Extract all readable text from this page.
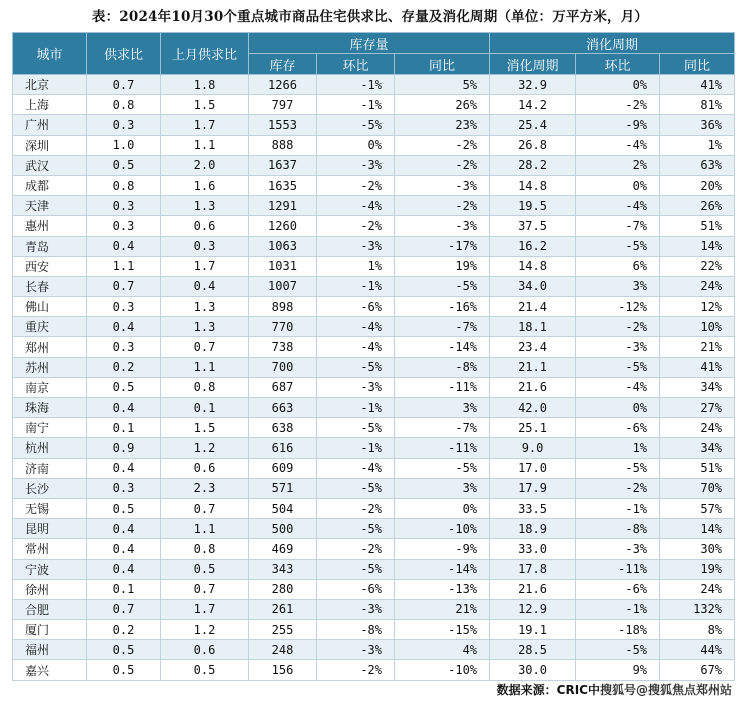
表：2024年10月30个重点城市商品住宅供求比、存量及消化周期（单位：万平方米，月）
城市	供求比	上月供求比	库存量			消化周期		
			库存	环比	同比	消化周期	环比	同比
北京	0.7	1.8	1266	-1%	5%	32.9	0%	41%
上海	0.8	1.5	797	-1%	26%	14.2	-2%	81%
广州	0.3	1.7	1553	-5%	23%	25.4	-9%	36%
深圳	1.0	1.1	888	0%	-2%	26.8	-4%	1%
武汉	0.5	2.0	1637	-3%	-2%	28.2	2%	63%
成都	0.8	1.6	1635	-2%	-3%	14.8	0%	20%
天津	0.3	1.3	1291	-4%	-2%	19.5	-4%	26%
惠州	0.3	0.6	1260	-2%	-3%	37.5	-7%	51%
青岛	0.4	0.3	1063	-3%	-17%	16.2	-5%	14%
西安	1.1	1.7	1031	1%	19%	14.8	6%	22%
长春	0.7	0.4	1007	-1%	-5%	34.0	3%	24%
佛山	0.3	1.3	898	-6%	-16%	21.4	-12%	12%
重庆	0.4	1.3	770	-4%	-7%	18.1	-2%	10%
郑州	0.3	0.7	738	-4%	-14%	23.4	-3%	21%
苏州	0.2	1.1	700	-5%	-8%	21.1	-5%	41%
南京	0.5	0.8	687	-3%	-11%	21.6	-4%	34%
珠海	0.4	0.1	663	-1%	3%	42.0	0%	27%
南宁	0.1	1.5	638	-5%	-7%	25.1	-6%	24%
杭州	0.9	1.2	616	-1%	-11%	9.0	1%	34%
济南	0.4	0.6	609	-4%	-5%	17.0	-5%	51%
长沙	0.3	2.3	571	-5%	3%	17.9	-2%	70%
无锡	0.5	0.7	504	-2%	0%	33.5	-1%	57%
昆明	0.4	1.1	500	-5%	-10%	18.9	-8%	14%
常州	0.4	0.8	469	-2%	-9%	33.0	-3%	30%
宁波	0.4	0.5	343	-5%	-14%	17.8	-11%	19%
徐州	0.1	0.7	280	-6%	-13%	21.6	-6%	24%
合肥	0.7	1.7	261	-3%	21%	12.9	-1%	132%
厦门	0.2	1.2	255	-8%	-15%	19.1	-18%	8%
福州	0.5	0.6	248	-3%	4%	28.5	-5%	44%
嘉兴	0.5	0.5	156	-2%	-10%	30.0	9%	67%
数据来源：CRIC中搜狐号@搜狐焦点郑州站
